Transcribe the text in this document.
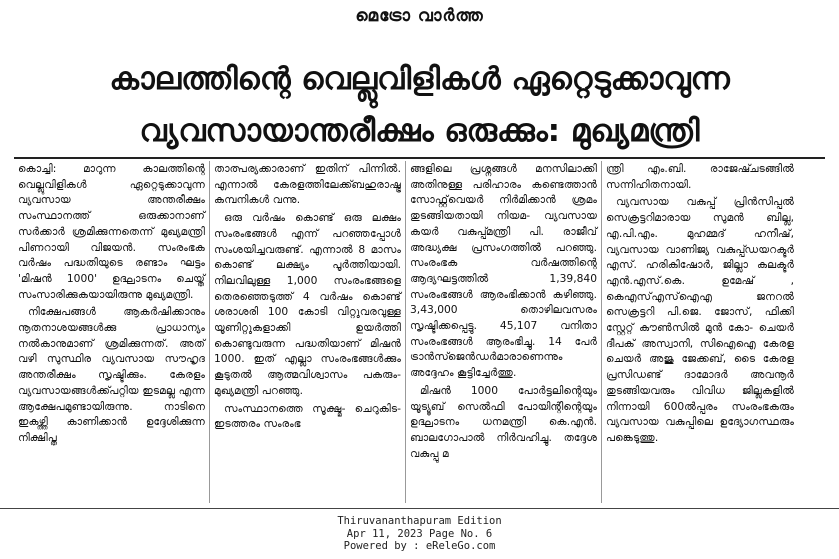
മെട്രോ വാർത്ത
കാലത്തിന്റെ വെല്ലുവിളികൾ ഏറ്റെടുക്കാവുന്ന
വ്യവസായാന്തരീക്ഷം ഒരുക്കും: മുഖ്യമന്ത്രി

കൊച്ചി: മാറുന്ന കാലത്തിന്റെ വെല്ലുവിളികൾ ഏറ്റെടുക്കാവുന്ന വ്യവസായ അന്തരീക്ഷം സംസ്ഥാനത്ത് ഒരുക്കാനാണ് സർക്കാർ ശ്രമിക്കുന്നതെന്ന് മുഖ്യമന്ത്രി പിണറായി വിജയൻ. സംരംഭക വർഷം പദ്ധതിയുടെ രണ്ടാം ഘട്ടം 'മിഷൻ 1000' ഉദ്ഘാടനം ചെയ്ത് സംസാരിക്കുകയായിരുന്നു മുഖ്യമന്ത്രി.

നിക്ഷേപങ്ങൾ ആകർഷിക്കാനും നൂതനാശയങ്ങൾക്കു പ്രാധാന്യം നൽകാനുമാണ് ശ്രമിക്കുന്നത്. അത് വഴി സുസ്ഥിര വ്യവസായ സൗഹൃദ അന്തരീക്ഷം സൃഷ്ടിക്കും. കേരളം വ്യവസായങ്ങൾക്ക്പറ്റിയ ഇടമല്ല എന്ന ആക്ഷേപമുണ്ടായിരുന്നു. നാടിനെ ഇകഴ്ത്തി കാണിക്കാൻ ഉദ്ദേശിക്കുന്ന നിക്ഷിപ്ത

താത്പര്യക്കാരാണ് ഇതിന് പിന്നിൽ. എന്നാൽ കേരളത്തിലേക്ക്ബഹുരാഷ്ട്ര കമ്പനികൾ വന്നു.

ഒരു വർഷം കൊണ്ട് ഒരു ലക്ഷം സംരംഭങ്ങൾ എന്ന് പറഞ്ഞപ്പോൾ സംശയിച്ചവരുണ്ട്. എന്നാൽ 8 മാസം കൊണ്ട് ലക്ഷ്യം പൂർത്തിയായി. നിലവിലുള്ള 1,000 സംരംഭങ്ങളെ തെരഞ്ഞെടുത്ത് 4 വർഷം കൊണ്ട് ശരാശരി 100 കോടി വിറ്റുവരവുള്ള യൂണിറ്റുകളാക്കി ഉയർത്തി കൊണ്ടുവരുന്ന പദ്ധതിയാണ് മിഷൻ 1000. ഇത് എല്ലാ സംരംഭങ്ങൾക്കും കൂടുതൽ ആത്മവിശ്വാസം പകരും- മുഖ്യമന്ത്രി പറഞ്ഞു.

സംസ്ഥാനത്തെ സൂക്ഷ്മ- ചെറുകിട- ഇടത്തരം സംരംഭ

ങ്ങളിലെ പ്രശ്നങ്ങൾ മനസിലാക്കി അതിനുള്ള പരിഹാരം കണ്ടെത്താൻ സോഫ്റ്റ്‌വെയർ നിർമിക്കാൻ ശ്രമം തുടങ്ങിയതായി നിയമ- വ്യവസായ കയർ വകുപ്പ്മന്ത്രി പി. രാജീവ് അദ്ധ്യക്ഷ പ്രസംഗത്തിൽ പറഞ്ഞു. സംരംഭക വർഷത്തിന്റെ ആദ്യഘട്ടത്തിൽ 1,39,840 സംരംഭങ്ങൾ ആരംഭിക്കാൻ കഴിഞ്ഞു. 3,43,000 തൊഴിലവസരം സൃഷ്ടിക്കപ്പെട്ടു. 45,107 വനിതാ സംരംഭങ്ങൾ ആരംഭിച്ചു. 14 പേർ ട്രാൻസ്ജെൻഡർമാരാണെന്നും അദ്ദേഹം കൂട്ടിച്ചേർത്തു.

മിഷൻ 1000 പോർട്ടലിന്റെയും യൂട്യൂബ് സെൽഫി പോയിന്റിന്റെയും ഉദ്ഘാടനം ധനമന്ത്രി കെ.എൻ. ബാലഗോപാൽ നിർവഹിച്ചു. തദ്ദേശ വകുപ്പു മ

ന്ത്രി എം.ബി. രാജേഷ്ചടങ്ങിൽ സന്നിഹിതനായി.

വ്യവസായ വകുപ്പ് പ്രിൻസിപ്പൽ സെക്രട്ടറിമാരായ സുമൻ ബില്ല, എ.പി.എം. മുഹമ്മദ് ഹനീഷ്, വ്യവസായ വാണിജ്യ വകുപ്പ്ഡയറക്ടർ എസ്. ഹരികിഷോർ, ജില്ലാ കലക്ടർ എൻ.എസ്.കെ. ഉമേഷ് , കെഎസ്എസ്ഐഎ ജനറൽ സെക്രട്ടറി പി.ജെ. ജോസ്, ഫിക്കി സ്റ്റേറ്റ് കൗൺസിൽ മുൻ കോ- ചെയർ ദീപക് അസ്വാനി, സിഐഐ കേരള ചെയർ അജു ജേക്കബ്, ടൈ കേരള പ്രസിഡണ്ട് ദാമോദർ അവനൂർ തുടങ്ങിയവരും വിവിധ ജില്ലകളിൽ നിന്നായി 600ൽപ്പരം സംരംഭകരും വ്യവസായ വകുപ്പിലെ ഉദ്യോഗസ്ഥരും പങ്കെടുത്തു.

Thiruvananthapuram Edition
Apr 11, 2023 Page No. 6
Powered by : eReleGo.com
